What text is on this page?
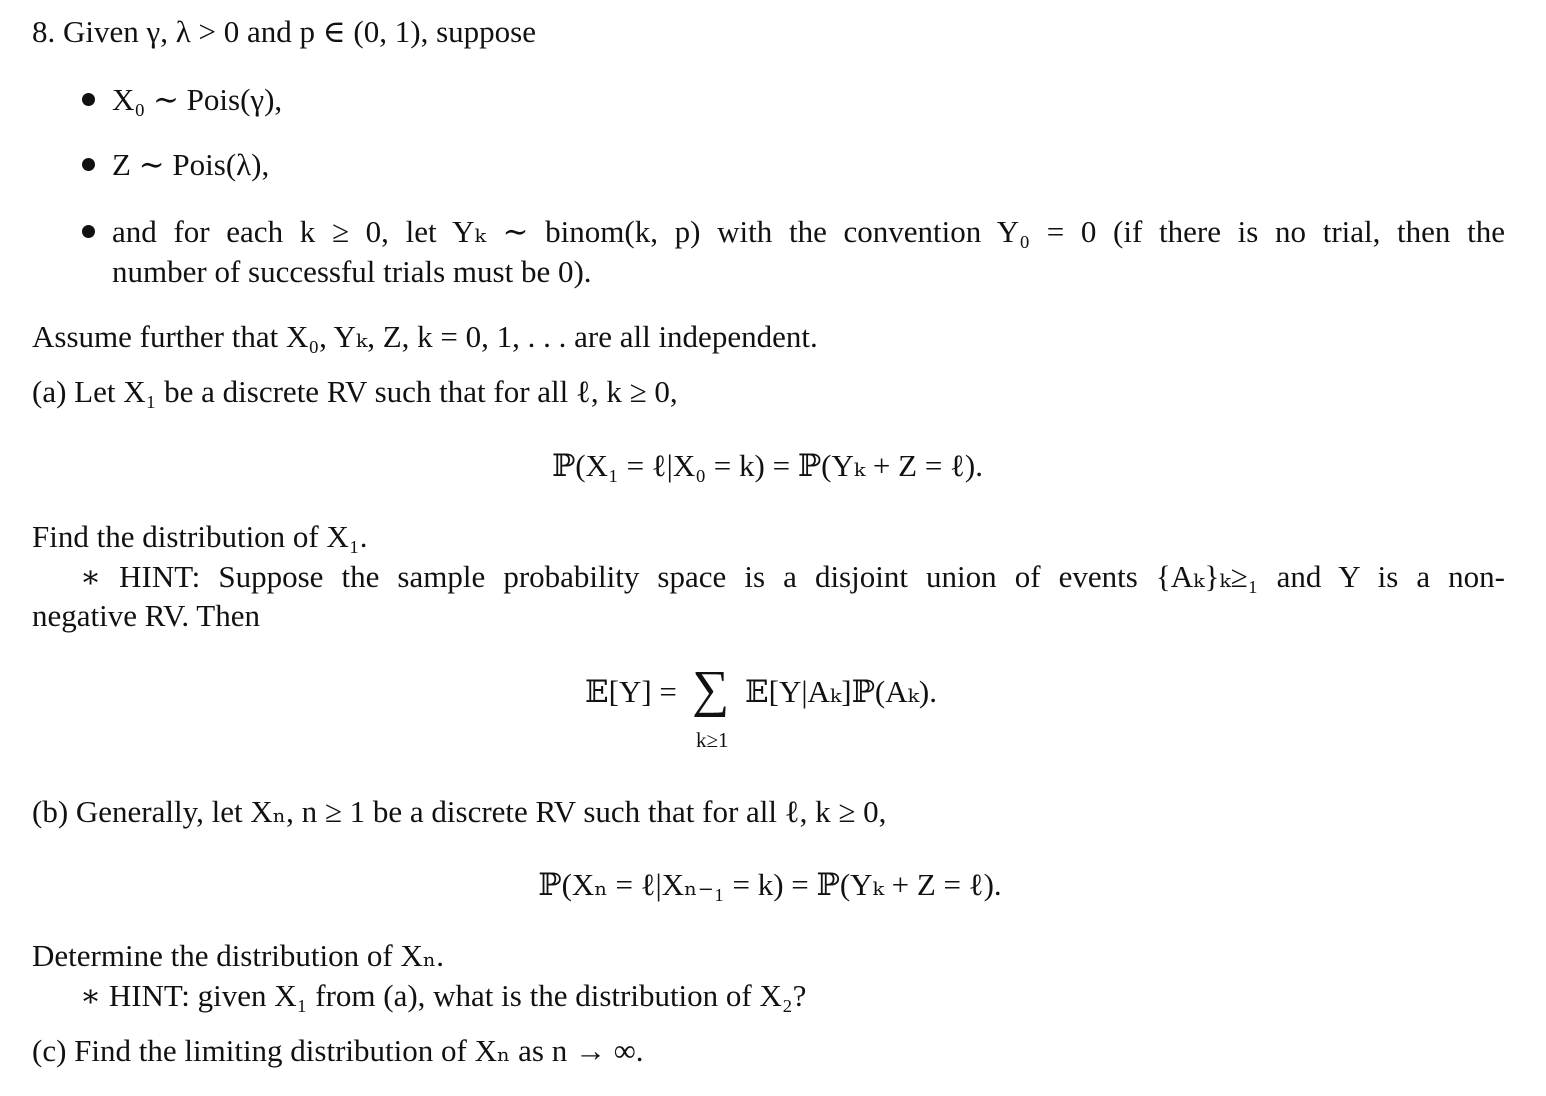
8. Given γ, λ > 0 and p ∈ (0, 1), suppose
X₀ ∼ Pois(γ),
Z ∼ Pois(λ),
and for each k ≥ 0, let Yₖ ∼ binom(k, p) with the convention Y₀ = 0 (if there is no trial, then the
number of successful trials must be 0).
Assume further that X₀, Yₖ, Z, k = 0, 1, . . . are all independent.
(a) Let X₁ be a discrete RV such that for all ℓ, k ≥ 0,
ℙ(X₁ = ℓ|X₀ = k) = ℙ(Yₖ + Z = ℓ).
Find the distribution of X₁.
∗ HINT: Suppose the sample probability space is a disjoint union of events {Aₖ}ₖ≥₁ and Y is a non-
negative RV. Then
𝔼[Y] = ∑ 𝔼[Y|Aₖ]ℙ(Aₖ).
k≥1
(b) Generally, let Xₙ, n ≥ 1 be a discrete RV such that for all ℓ, k ≥ 0,
ℙ(Xₙ = ℓ|Xₙ₋₁ = k) = ℙ(Yₖ + Z = ℓ).
Determine the distribution of Xₙ.
∗ HINT: given X₁ from (a), what is the distribution of X₂?
(c) Find the limiting distribution of Xₙ as n → ∞.
